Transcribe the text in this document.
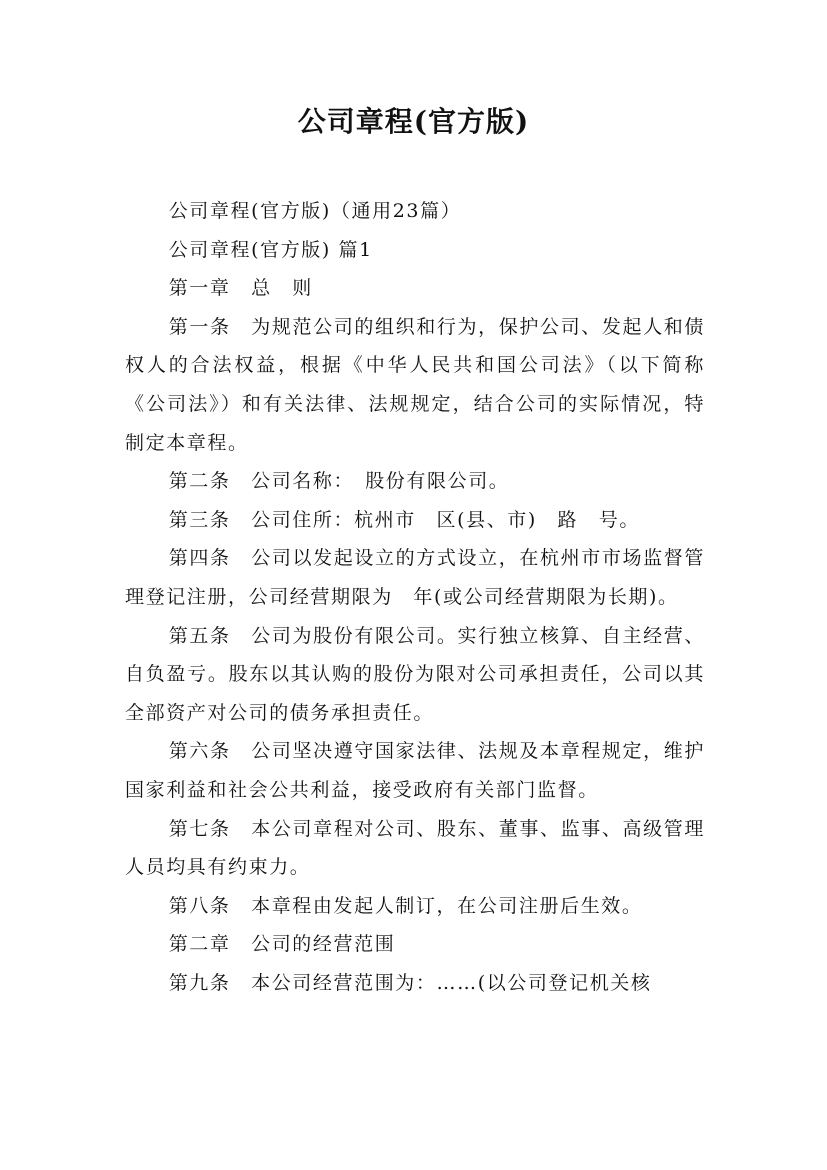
公司章程(官方版)

公司章程(官方版)（通用23篇）

公司章程(官方版) 篇1

第一章　总　则

第一条　为规范公司的组织和行为，保护公司、发起人和债权人的合法权益，根据《中华人民共和国公司法》（以下简称《公司法》）和有关法律、法规规定，结合公司的实际情况，特制定本章程。

第二条　公司名称：　股份有限公司。

第三条　公司住所：杭州市　区(县、市)　路　号。

第四条　公司以发起设立的方式设立，在杭州市市场监督管理登记注册，公司经营期限为　年(或公司经营期限为长期)。

第五条　公司为股份有限公司。实行独立核算、自主经营、自负盈亏。股东以其认购的股份为限对公司承担责任，公司以其全部资产对公司的债务承担责任。

第六条　公司坚决遵守国家法律、法规及本章程规定，维护国家利益和社会公共利益，接受政府有关部门监督。

第七条　本公司章程对公司、股东、董事、监事、高级管理人员均具有约束力。

第八条　本章程由发起人制订，在公司注册后生效。

第二章　公司的经营范围

第九条　本公司经营范围为：……(以公司登记机关核
